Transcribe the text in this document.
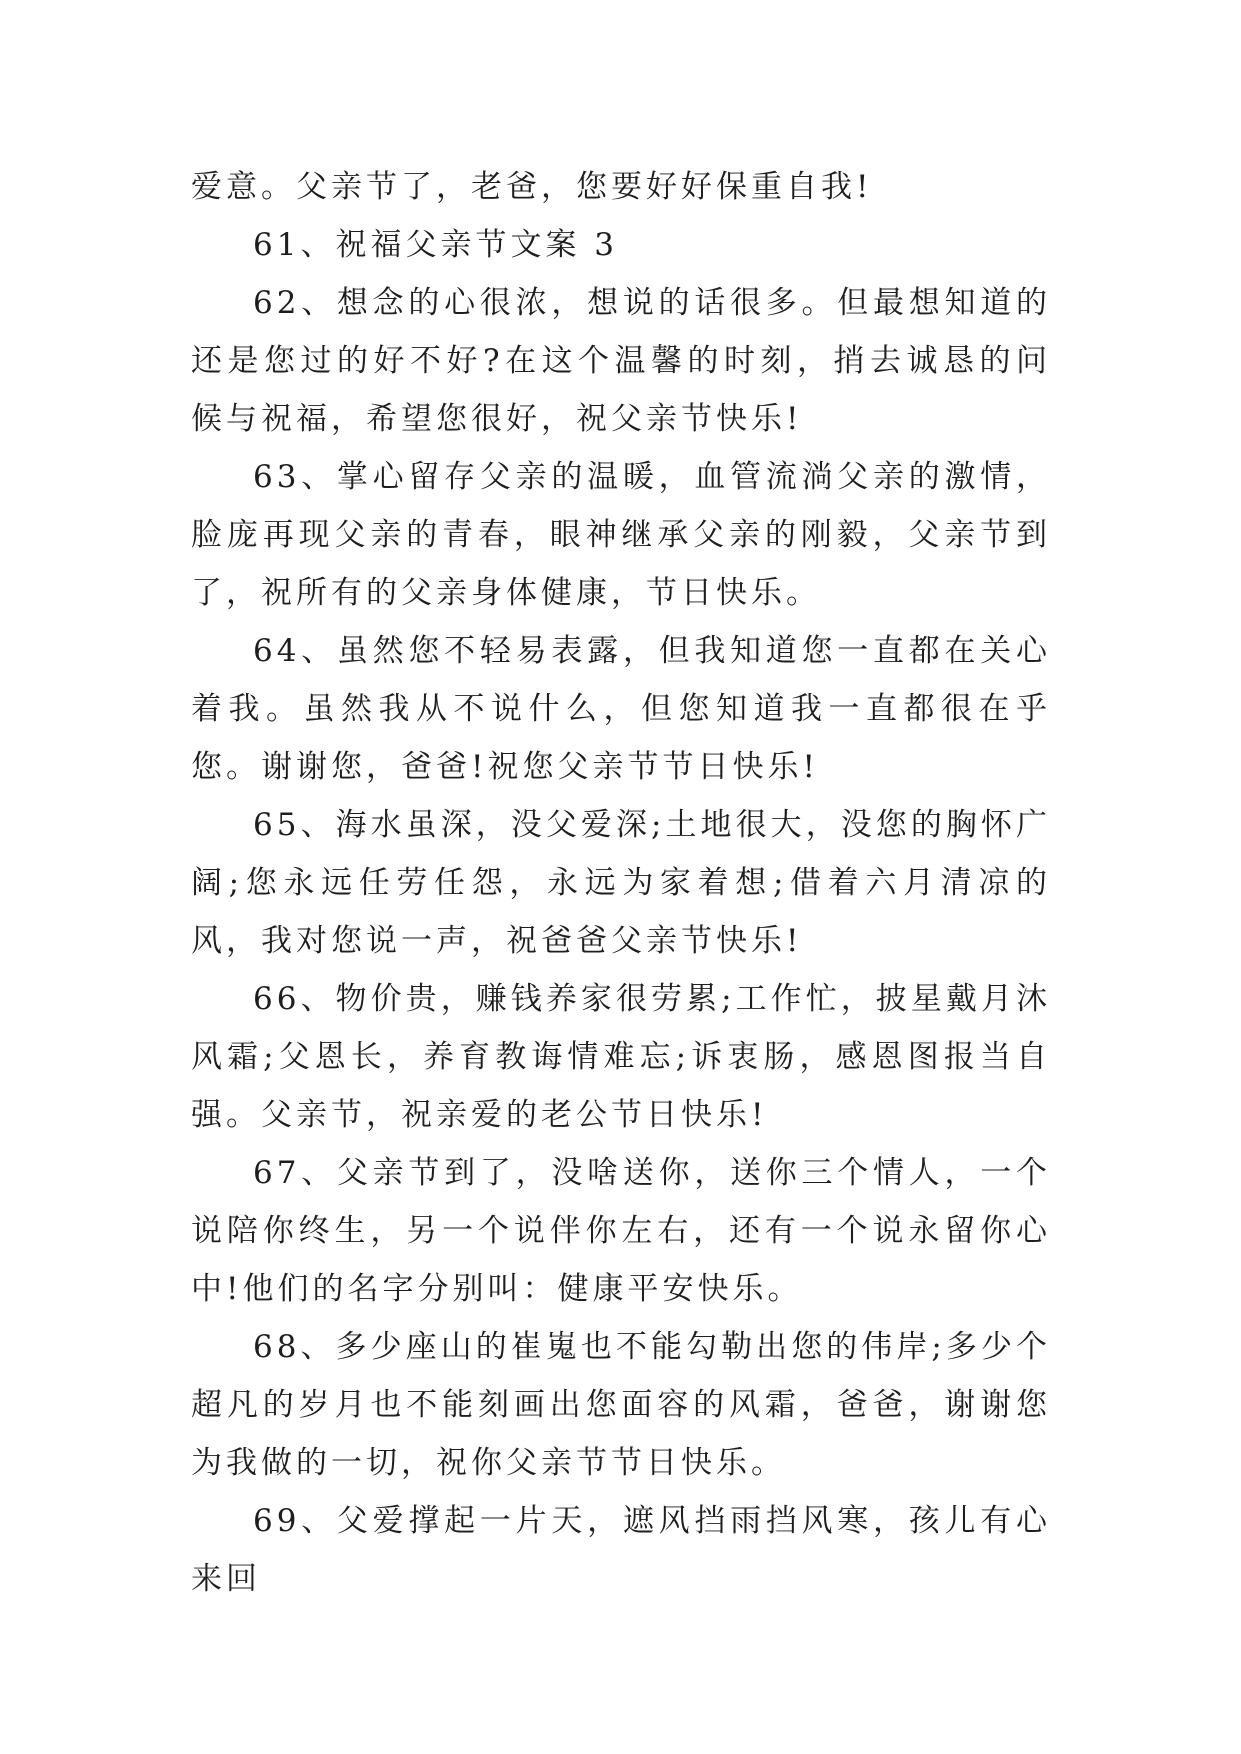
爱意。父亲节了，老爸，您要好好保重自我!

61、祝福父亲节文案 3

62、想念的心很浓，想说的话很多。但最想知道的还是您过的好不好?在这个温馨的时刻，捎去诚恳的问候与祝福，希望您很好，祝父亲节快乐!

63、掌心留存父亲的温暖，血管流淌父亲的激情，脸庞再现父亲的青春，眼神继承父亲的刚毅，父亲节到了，祝所有的父亲身体健康，节日快乐。

64、虽然您不轻易表露，但我知道您一直都在关心着我。虽然我从不说什么，但您知道我一直都很在乎您。谢谢您，爸爸!祝您父亲节节日快乐!

65、海水虽深，没父爱深;土地很大，没您的胸怀广阔;您永远任劳任怨，永远为家着想;借着六月清凉的风，我对您说一声，祝爸爸父亲节快乐!

66、物价贵，赚钱养家很劳累;工作忙，披星戴月沐风霜;父恩长，养育教诲情难忘;诉衷肠，感恩图报当自强。父亲节，祝亲爱的老公节日快乐!

67、父亲节到了，没啥送你，送你三个情人，一个说陪你终生，另一个说伴你左右，还有一个说永留你心中!他们的名字分别叫：健康平安快乐。

68、多少座山的崔嵬也不能勾勒出您的伟岸;多少个超凡的岁月也不能刻画出您面容的风霜，爸爸，谢谢您为我做的一切，祝你父亲节节日快乐。

69、父爱撑起一片天，遮风挡雨挡风寒，孩儿有心来回
